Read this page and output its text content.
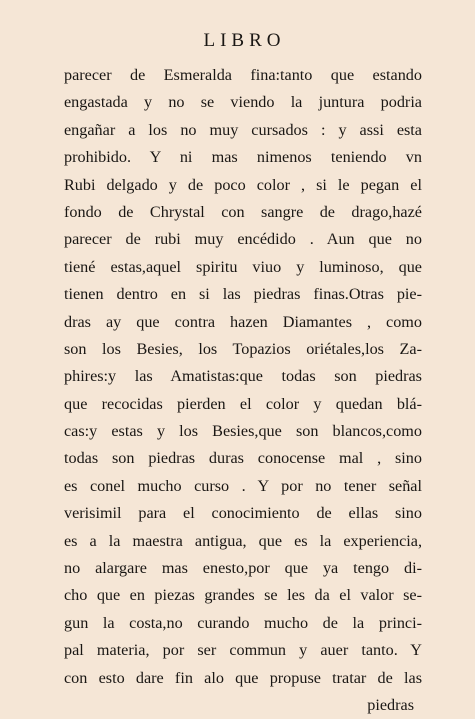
LIBRO
parecer de Esmeralda fina:tanto que estando
engastada y no se viendo la juntura podria
engañar a los no muy cursados : y assi esta
prohibido. Y ni mas nimenos teniendo vn
Rubi delgado y de poco color , si le pegan el
fondo de Chrystal con sangre de drago,hazé
parecer de rubi muy encédido . Aun que no
tiené estas,aquel spiritu viuo y luminoso, que
tienen dentro en si las piedras finas.Otras pie-
dras ay que contra hazen Diamantes , como
son los Besies, los Topazios oriétales,los Za-
phires:y las Amatistas:que todas son piedras
que recocidas pierden el color y quedan blá-
cas:y estas y los Besies,que son blancos,como
todas son piedras duras conocense mal , sino
es conel mucho curso . Y por no tener señal
verisimil para el conocimiento de ellas sino
es a la maestra antigua, que es la experiencia,
no alargare mas enesto,por que ya tengo di-
cho que en piezas grandes se les da el valor se-
gun la costa,no curando mucho de la princi-
pal materia, por ser commun y auer tanto. Y
con esto dare fin alo que propuse tratar de las
piedras
